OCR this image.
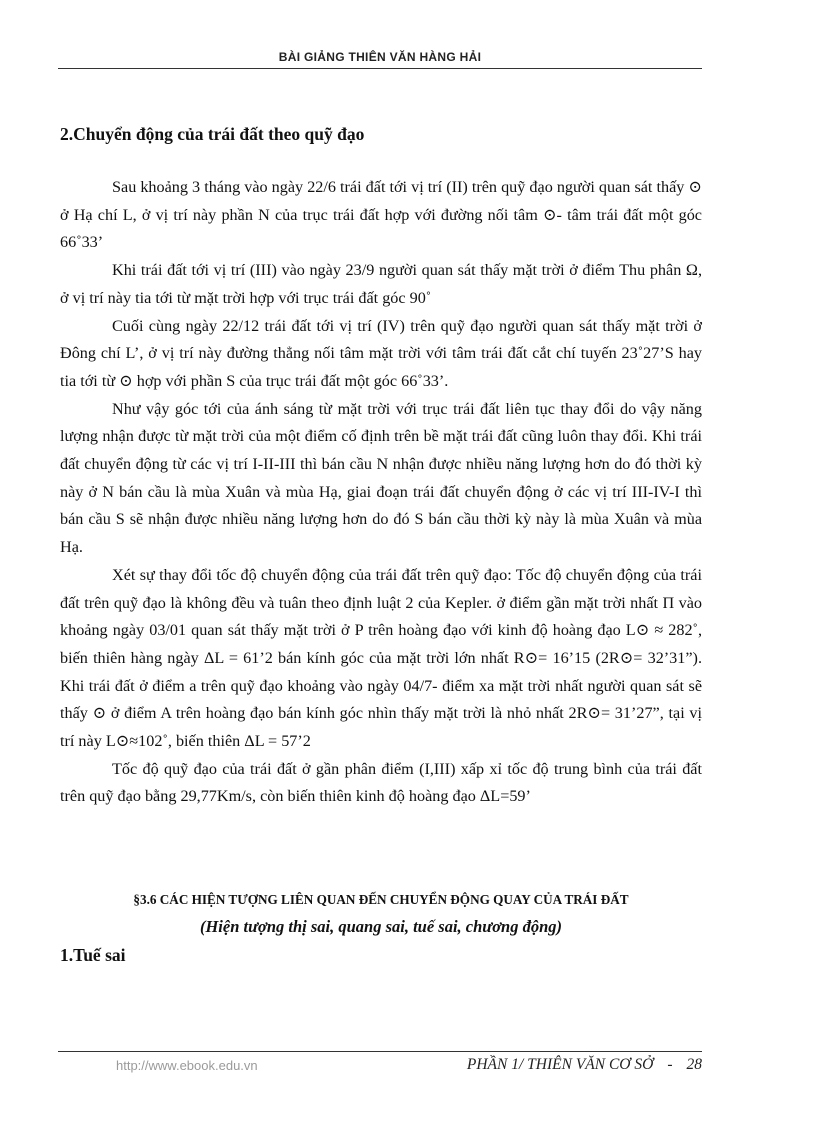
BÀI GIẢNG THIÊN VĂN HÀNG HẢI
2.Chuyển động của trái đất theo quỹ đạo

Sau khoảng 3 tháng vào ngày 22/6 trái đất tới vị trí (II) trên quỹ đạo người quan sát thấy ⊙ ở Hạ chí L, ở vị trí này phần N của trục trái đất hợp với đường nối tâm ⊙- tâm trái đất một góc 66˚33’

Khi trái đất tới vị trí (III) vào ngày 23/9 người quan sát thấy mặt trời ở điểm Thu phân Ω, ở vị trí này tia tới từ mặt trời hợp với trục trái đất góc 90˚

Cuối cùng ngày 22/12 trái đất tới vị trí (IV) trên quỹ đạo người quan sát thấy mặt trời ở Đông chí L’, ở vị trí này đường thẳng nối tâm mặt trời với tâm trái đất cắt chí tuyến 23˚27’S hay tia tới từ ⊙ hợp với phần S của trục trái đất một góc 66˚33’.

Như vậy góc tới của ánh sáng từ mặt trời với trục trái đất liên tục thay đổi do vậy năng lượng nhận được từ mặt trời của một điểm cố định trên bề mặt trái đất cũng luôn thay đổi. Khi trái đất chuyển động từ các vị trí I-II-III thì bán cầu N nhận được nhiều năng lượng hơn do đó thời kỳ này ở N bán cầu là mùa Xuân và mùa Hạ, giai đoạn trái đất chuyển động ở các vị trí III-IV-I thì bán cầu S sẽ nhận được nhiều năng lượng hơn do đó S bán cầu thời kỳ này là mùa Xuân và mùa Hạ.

Xét sự thay đổi tốc độ chuyển động của trái đất trên quỹ đạo: Tốc độ chuyển động của trái đất trên quỹ đạo là không đều và tuân theo định luật 2 của Kepler. ở điểm gần mặt trời nhất Π vào khoảng ngày 03/01 quan sát thấy mặt trời ở P trên hoàng đạo với kinh độ hoàng đạo L⊙ ≈ 282˚, biến thiên hàng ngày ΔL = 61’2 bán kính góc của mặt trời lớn nhất R⊙= 16’15 (2R⊙= 32’31”). Khi trái đất ở điểm a trên quỹ đạo khoảng vào ngày 04/7- điểm xa mặt trời nhất người quan sát sẽ thấy ⊙ ở điểm A trên hoàng đạo bán kính góc nhìn thấy mặt trời là nhỏ nhất 2R⊙= 31’27”, tại vị trí này L⊙≈102˚, biến thiên ΔL = 57’2

Tốc độ quỹ đạo của trái đất ở gần phân điểm (I,III) xấp xỉ tốc độ trung bình của trái đất trên quỹ đạo bằng 29,77Km/s, còn biến thiên kinh độ hoàng đạo ΔL=59’

§3.6 CÁC HIỆN TƯỢNG LIÊN QUAN ĐẾN CHUYỂN ĐỘNG QUAY CỦA TRÁI ĐẤT
(Hiện tượng thị sai, quang sai, tuế sai, chương động)
1.Tuế sai
http://www.ebook.edu.vn	PHẦN 1/ THIÊN VĂN CƠ SỞ - 28
